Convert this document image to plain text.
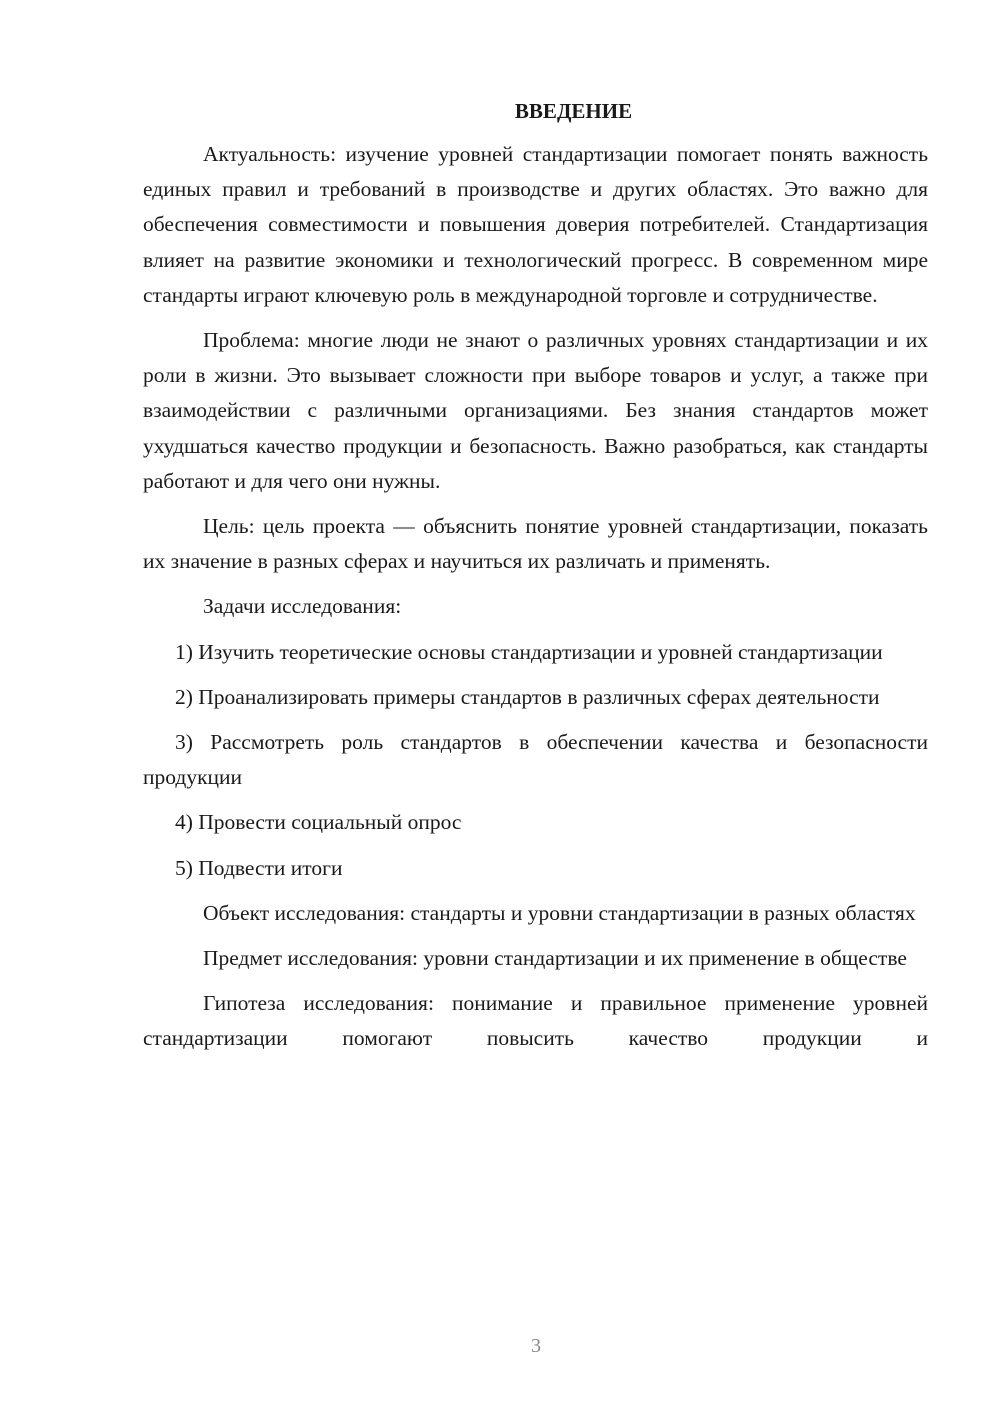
ВВЕДЕНИЕ

Актуальность: изучение уровней стандартизации помогает понять важность единых правил и требований в производстве и других областях. Это важно для обеспечения совместимости и повышения доверия потребителей. Стандартизация влияет на развитие экономики и технологический прогресс. В современном мире стандарты играют ключевую роль в международной торговле и сотрудничестве.

Проблема: многие люди не знают о различных уровнях стандартизации и их роли в жизни. Это вызывает сложности при выборе товаров и услуг, а также при взаимодействии с различными организациями. Без знания стандартов может ухудшаться качество продукции и безопасность. Важно разобраться, как стандарты работают и для чего они нужны.

Цель: цель проекта — объяснить понятие уровней стандартизации, показать их значение в разных сферах и научиться их различать и применять.

Задачи исследования:

1) Изучить теоретические основы стандартизации и уровней стандартизации

2) Проанализировать примеры стандартов в различных сферах деятельности

3) Рассмотреть роль стандартов в обеспечении качества и безопасности продукции

4) Провести социальный опрос

5) Подвести итоги

Объект исследования: стандарты и уровни стандартизации в разных областях

Предмет исследования: уровни стандартизации и их применение в обществе

Гипотеза исследования: понимание и правильное применение уровней стандартизации помогают повысить качество продукции и

3
